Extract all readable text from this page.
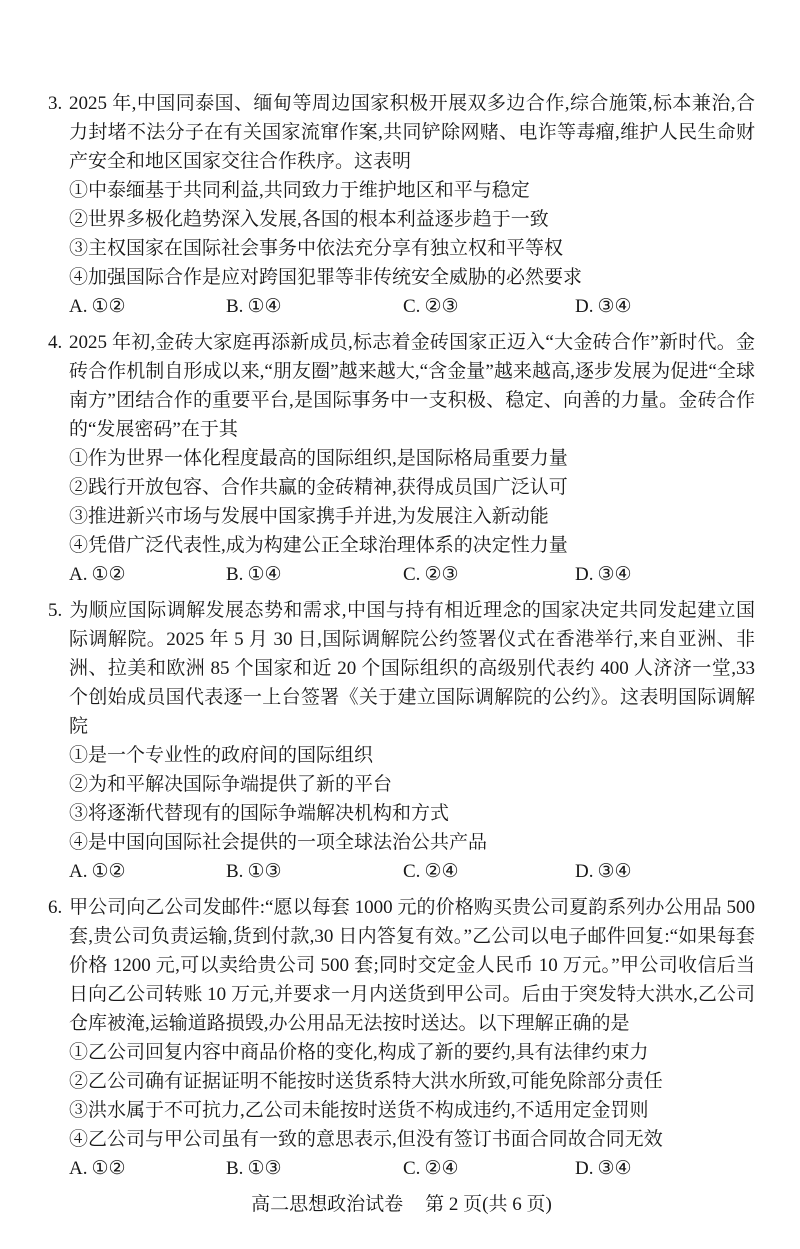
3. 2025 年,中国同泰国、缅甸等周边国家积极开展双多边合作,综合施策,标本兼治,合力封堵不法分子在有关国家流窜作案,共同铲除网赌、电诈等毒瘤,维护人民生命财产安全和地区国家交往合作秩序。这表明

①中泰缅基于共同利益,共同致力于维护地区和平与稳定

②世界多极化趋势深入发展,各国的根本利益逐步趋于一致

③主权国家在国际社会事务中依法充分享有独立权和平等权

④加强国际合作是应对跨国犯罪等非传统安全威胁的必然要求

A. ①②	B. ①④	C. ②③	D. ③④

4. 2025 年初,金砖大家庭再添新成员,标志着金砖国家正迈入“大金砖合作”新时代。金砖合作机制自形成以来,“朋友圈”越来越大,“含金量”越来越高,逐步发展为促进“全球南方”团结合作的重要平台,是国际事务中一支积极、稳定、向善的力量。金砖合作的“发展密码”在于其

①作为世界一体化程度最高的国际组织,是国际格局重要力量

②践行开放包容、合作共赢的金砖精神,获得成员国广泛认可

③推进新兴市场与发展中国家携手并进,为发展注入新动能

④凭借广泛代表性,成为构建公正全球治理体系的决定性力量

A. ①②	B. ①④	C. ②③	D. ③④

5. 为顺应国际调解发展态势和需求,中国与持有相近理念的国家决定共同发起建立国际调解院。2025 年 5 月 30 日,国际调解院公约签署仪式在香港举行,来自亚洲、非洲、拉美和欧洲 85 个国家和近 20 个国际组织的高级别代表约 400 人济济一堂,33 个创始成员国代表逐一上台签署《关于建立国际调解院的公约》。这表明国际调解院

①是一个专业性的政府间的国际组织

②为和平解决国际争端提供了新的平台

③将逐渐代替现有的国际争端解决机构和方式

④是中国向国际社会提供的一项全球法治公共产品

A. ①②	B. ①③	C. ②④	D. ③④

6. 甲公司向乙公司发邮件:“愿以每套 1000 元的价格购买贵公司夏韵系列办公用品 500 套,贵公司负责运输,货到付款,30 日内答复有效。”乙公司以电子邮件回复:“如果每套价格 1200 元,可以卖给贵公司 500 套;同时交定金人民币 10 万元。”甲公司收信后当日向乙公司转账 10 万元,并要求一月内送货到甲公司。后由于突发特大洪水,乙公司仓库被淹,运输道路损毁,办公用品无法按时送达。以下理解正确的是

①乙公司回复内容中商品价格的变化,构成了新的要约,具有法律约束力

②乙公司确有证据证明不能按时送货系特大洪水所致,可能免除部分责任

③洪水属于不可抗力,乙公司未能按时送货不构成违约,不适用定金罚则

④乙公司与甲公司虽有一致的意思表示,但没有签订书面合同故合同无效

A. ①②	B. ①③	C. ②④	D. ③④
高二思想政治试卷 第 2 页(共 6 页)
